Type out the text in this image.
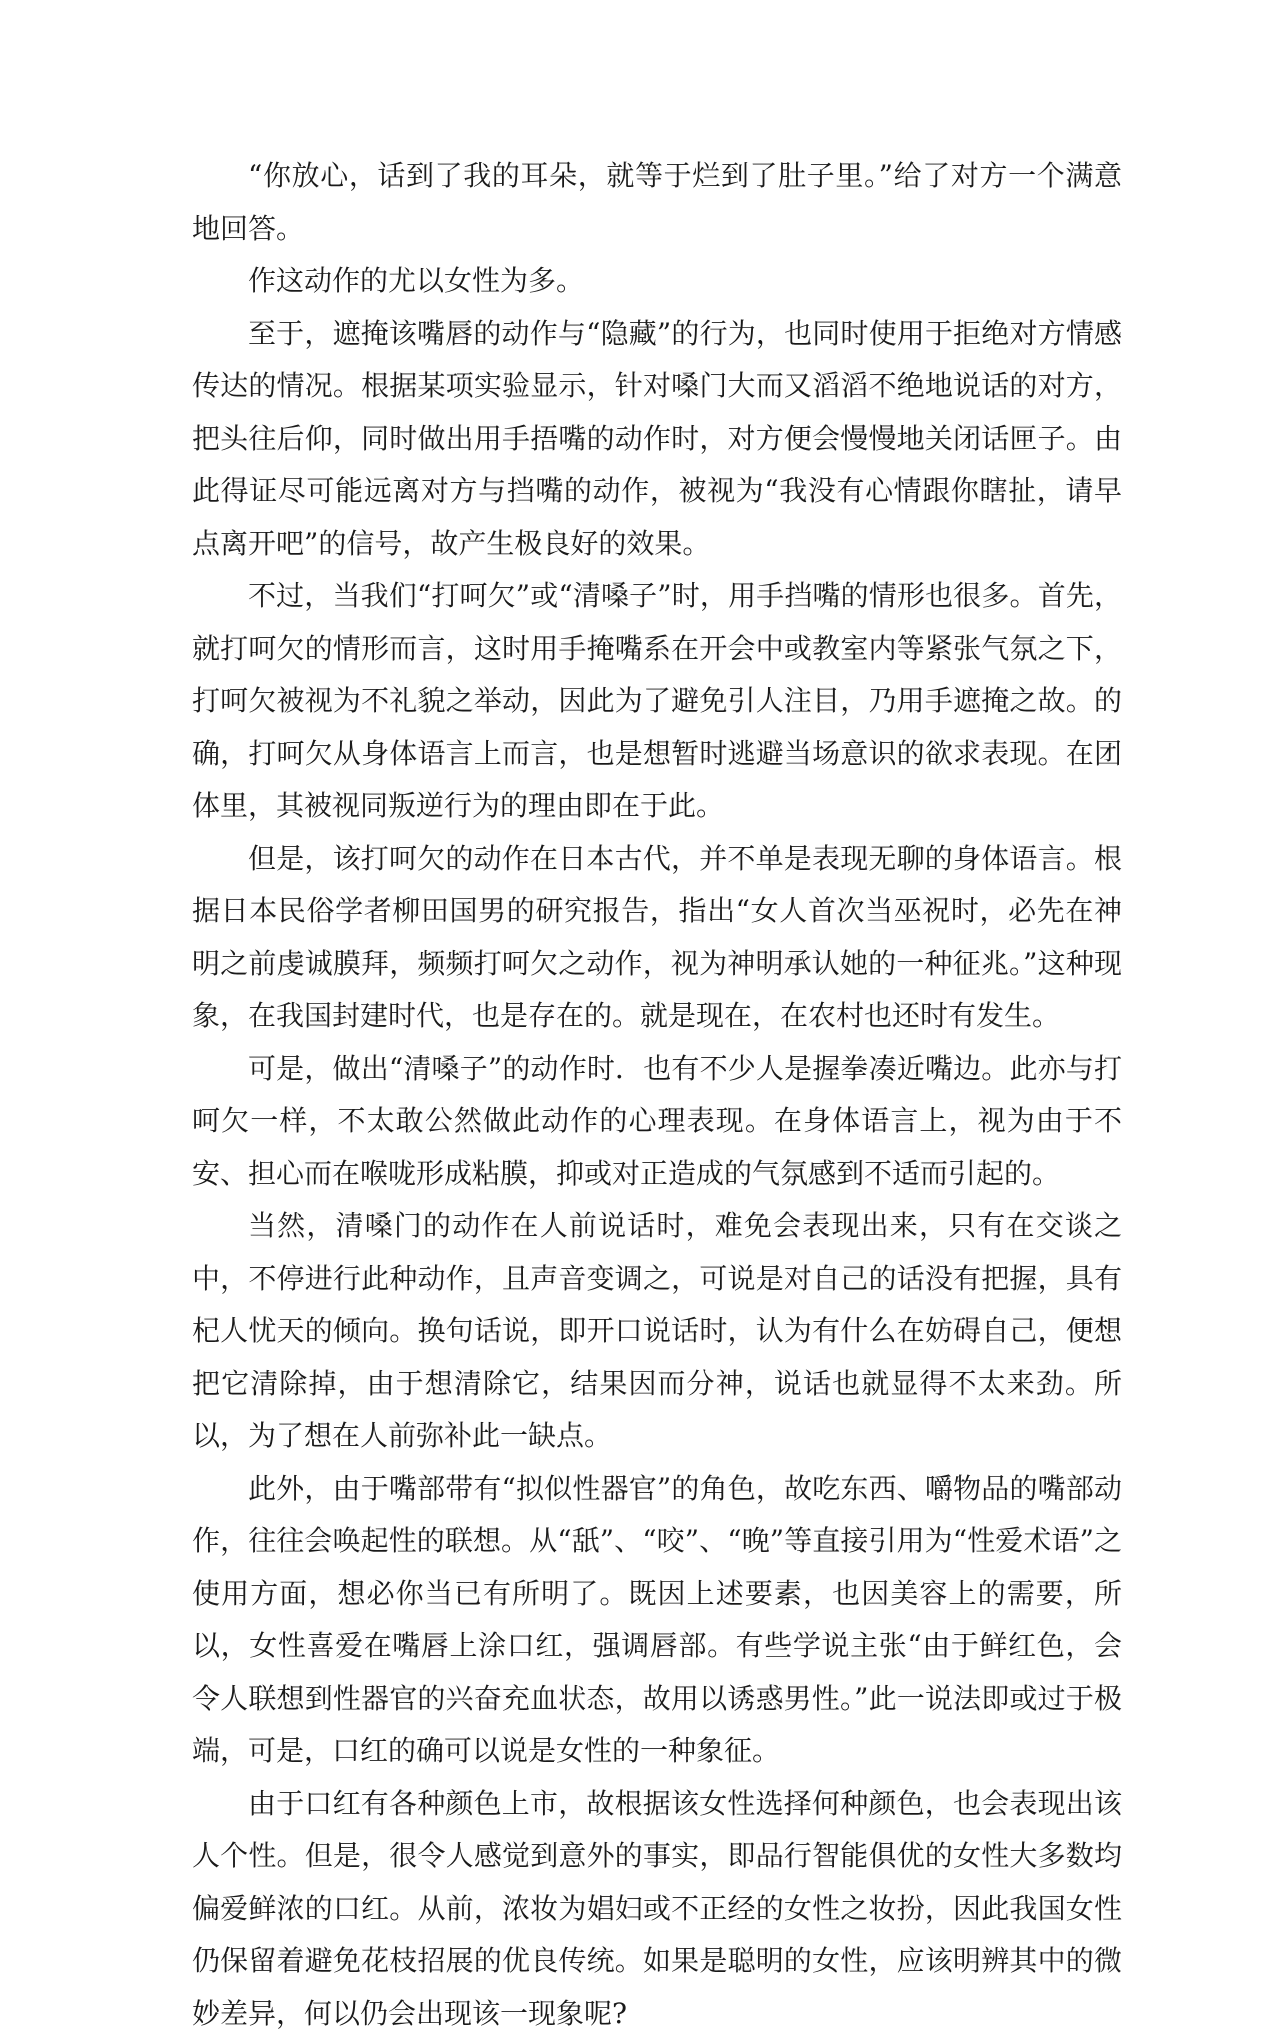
“你放心，话到了我的耳朵，就等于烂到了肚子里。”给了对方一个满意地回答。

作这动作的尤以女性为多。

至于，遮掩该嘴唇的动作与“隐藏”的行为，也同时使用于拒绝对方情感传达的情况。根据某项实验显示，针对嗓门大而又滔滔不绝地说话的对方，把头往后仰，同时做出用手捂嘴的动作时，对方便会慢慢地关闭话匣子。由此得证尽可能远离对方与挡嘴的动作，被视为“我没有心情跟你瞎扯，请早点离开吧”的信号，故产生极良好的效果。

不过，当我们“打呵欠”或“清嗓子”时，用手挡嘴的情形也很多。首先，就打呵欠的情形而言，这时用手掩嘴系在开会中或教室内等紧张气氛之下，打呵欠被视为不礼貌之举动，因此为了避免引人注目，乃用手遮掩之故。的确，打呵欠从身体语言上而言，也是想暂时逃避当场意识的欲求表现。在团体里，其被视同叛逆行为的理由即在于此。

但是，该打呵欠的动作在日本古代，并不单是表现无聊的身体语言。根据日本民俗学者柳田国男的研究报告，指出“女人首次当巫祝时，必先在神明之前虔诚膜拜，频频打呵欠之动作，视为神明承认她的一种征兆。”这种现象，在我国封建时代，也是存在的。就是现在，在农村也还时有发生。

可是，做出“清嗓子”的动作时．也有不少人是握拳凑近嘴边。此亦与打呵欠一样，不太敢公然做此动作的心理表现。在身体语言上，视为由于不安、担心而在喉咙形成粘膜，抑或对正造成的气氛感到不适而引起的。

当然，清嗓门的动作在人前说话时，难免会表现出来，只有在交谈之中，不停进行此种动作，且声音变调之，可说是对自己的话没有把握，具有杞人忧天的倾向。换句话说，即开口说话时，认为有什么在妨碍自己，便想把它清除掉，由于想清除它，结果因而分神，说话也就显得不太来劲。所以，为了想在人前弥补此一缺点。

此外，由于嘴部带有“拟似性器官”的角色，故吃东西、嚼物品的嘴部动作，往往会唤起性的联想。从“舐”、“咬”、“晚”等直接引用为“性爱术语”之使用方面，想必你当已有所明了。既因上述要素，也因美容上的需要，所以，女性喜爱在嘴唇上涂口红，强调唇部。有些学说主张“由于鲜红色，会令人联想到性器官的兴奋充血状态，故用以诱惑男性。”此一说法即或过于极端，可是，口红的确可以说是女性的一种象征。

由于口红有各种颜色上市，故根据该女性选择何种颜色，也会表现出该人个性。但是，很令人感觉到意外的事实，即品行智能俱优的女性大多数均偏爱鲜浓的口红。从前，浓妆为娼妇或不正经的女性之妆扮，因此我国女性仍保留着避免花枝招展的优良传统。如果是聪明的女性，应该明辨其中的微妙差异，何以仍会出现该一现象呢?
